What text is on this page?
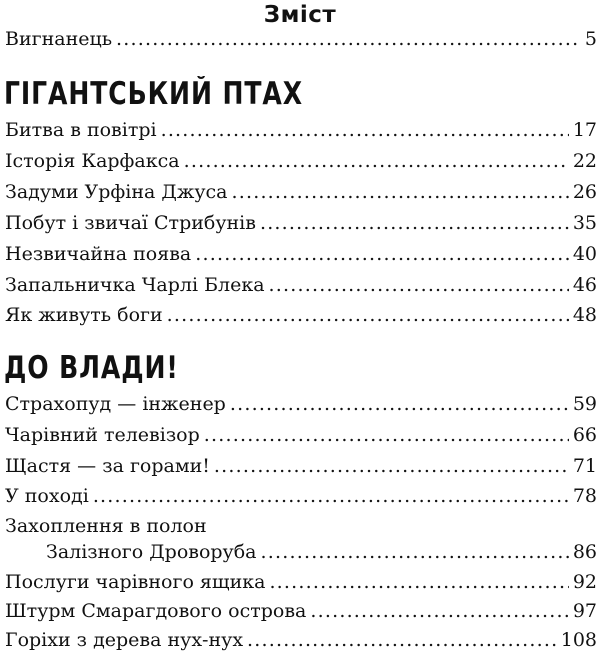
Зміст
Вигнанець .....	5
ГІГАНТСЬКИЙ ПТАХ
Битва в повітрі .....	17
Історія Карфакса .....	22
Задуми Урфіна Джуса .....	26
Побут і звичаї Стрибунів .....	35
Незвичайна поява .....	40
Запальничка Чарлі Блека .....	46
Як живуть боги .....	48
ДО ВЛАДИ!
Страхопуд — інженер .....	59
Чарівний телевізор .....	66
Щастя — за горами! .....	71
У поході .....	78
Захоплення в полон
Залізного Дроворуба .....	86
Послуги чарівного ящика .....	92
Штурм Смарагдового острова .....	97
Горіхи з дерева нух-нух .....	108
